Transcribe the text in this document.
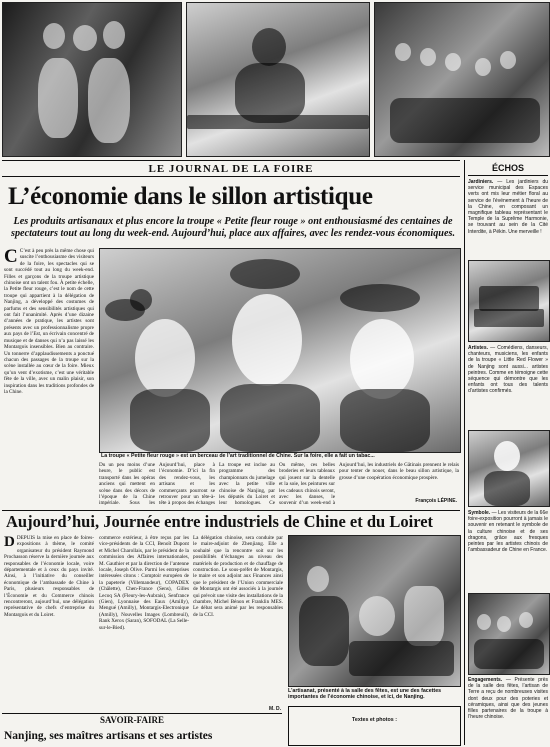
LE JOURNAL DE LA FOIRE
L’économie dans le sillon artistique
Les produits artisanaux et plus encore la troupe « Petite fleur rouge » ont enthousiasmé des centaines de spectateurs tout au long du week-end. Aujourd’hui, place aux affaires, avec les rendez-vous économiques.
C C’est à peu près la même chose qui suscite l’enthousiasme des visiteurs de la foire, les spectacles qui se sont succédé tout au long du week-end. Filles et garçons de la troupe artistique chinoise ont un talent fou. À petite échelle, la Petite fleur rouge, c’est le nom de cette troupe qui appartient à la délégation de Nanjing, a développé des costumes de parfums et des sensibilités artistiques qui ont fait l’unanimité. Après d’une dizaine d’années de pratique, les artistes sont présents avec un professionnalisme propre aux pays de l’Est, un écrivain concentré de musique et de danses qui n’a pas laissé les Montargois insensibles. Bien au contraire. Un tonnerre d’applaudissements a ponctué chacun des passages de la troupe sur la scène installée au cœur de la foire. Mieux qu’un vent d’exotisme, c’est une véritable fête de la ville, avec un malin plaisir, son inspiration dans les traditions profondes de la Chine.
La troupe « Petite fleur rouge » est un berceau de l’art traditionnel de Chine. Sur la foire, elle a fait un tabac...
Du un peu moins d’une heure, le public est transporté dans les opéras anciens qui mettent en scène dans des décors de l’époque de la Chine impériale. Sous les
Aujourd’hui, place à l’économie. D’ici la fin des rendez-vous, les artisans et les commerçants pourront se retrouver pour un tête-à-tête à propos des échanges
La troupe est inclue au programme des championnats du jumelage avec la petite ville chinoise de Nanjing, par les députés du Loiret et leur homologues. Ce
Ou même, ces belles broderies et leurs tableaux qui jouent sur la dentelle et la soie, les peintures sur les cadeaux chinois seront, avec les danses, le souvenir d’un week-end à
Aujourd’hui, les industriels de Gâtinais prennent le relais pour tenter de nouer, dans le beau sillon artistique, la grosse d’une coopération économique prospère.
François LÉPINE.
Aujourd’hui, Journée entre industriels de Chine et du Loiret
DDEPUIS la mise en place de foires-expositions à thème, le comité organisateur du président Raymond Prochasson réserve la dernière journée aux responsables de l’économie locale, voire départementale et à ceux du pays invité. Ainsi, à l’initiative du conseiller économique de l’ambassade de Chine à Paris, plusieurs responsables de l’Économie et du Commerce chinois rencontreront, aujourd’hui, une délégation représentative de chefs d’entreprise du Montargois et du Loiret.
commerce extérieur, à être reçus par les vice-présidents de la CCI, Benoît Dupont et Michel Charollais, par le président de la commission des Affaires internationales, M. Gauthier et par la direction de l’antenne locale, Joseph Olive. Parmi les entreprises intéressées citons : Comptoir européen de la papeterie (Villemandeur), COPADEX (Châlette), Chen-France (Sens), Gilles Lecoq SA (Fleury-les-Aubrais), Senfrance (Gien), Lyonnaise des Eaux (Amilly), Mengué (Amilly), Montargis-Electronique (Amilly), Nouvelles Images (Lombreuil), Rank Xerox (Saran), SOFODAL (La Selle-sur-le-Bied).
La délégation chinoise, sera conduite par le maire-adjoint de Zhenjiang. Elle a souhaité que la rencontre soit sur les possibilités d’échanges au niveau des matériels de production et de chauffage de construction. Le sous-préfet de Montargis, le maire et son adjoint aux Finances ainsi que le président de l’Union commerciale de Montargis ont été associés à la journée qui prévoit une visite des installations de la chambre, Michel Bénon et Franklin MES. Le débat sera animé par les responsables de la CCI.
M. D.
L’artisanat, présenté à la salle des fêtes, est une des facettes importantes de l’économie chinoise, et ici, de Nanjing.
SAVOIR-FAIRE
Nanjing, ses maîtres artisans et ses artistes
Textes et photos :
ÉCHOS
Jardiniers. — Les jardiniers du service municipal des Espaces verts ont mis leur métier floral au service de l’événement à l’heure de la Chine, en composant un magnifique tableau représentant le Temple de la Suprême Harmonie, se trouvant au sein de la Cité Interdite, à Pékin. Une merveille !
Artistes. — Comédiens, danseurs, chanteurs, musiciens, les enfants de la troupe « Little Red Flower » de Nanjing sont aussi... artistes peintres. Comme en témoigne cette séquence qui démontre que les enfants ont tous des talents d’artistes confirmés.
Symbole. — Les visiteurs de la 66e foire-exposition pourront à jamais le souvenir en retenant le symbole de la culture chinoise et de ses dragons, grâce aux fresques peintes par les artistes chinois de l’ambassadeur de Chine en France.
Engagements. — Présente près de la salle des fêtes, l’artisan de Terre a reçu de nombreuses visites dont deux pour des poteries et céramiques, ainsi que des jeunes filles partenaires de la troupe à l’heure chinoise.
